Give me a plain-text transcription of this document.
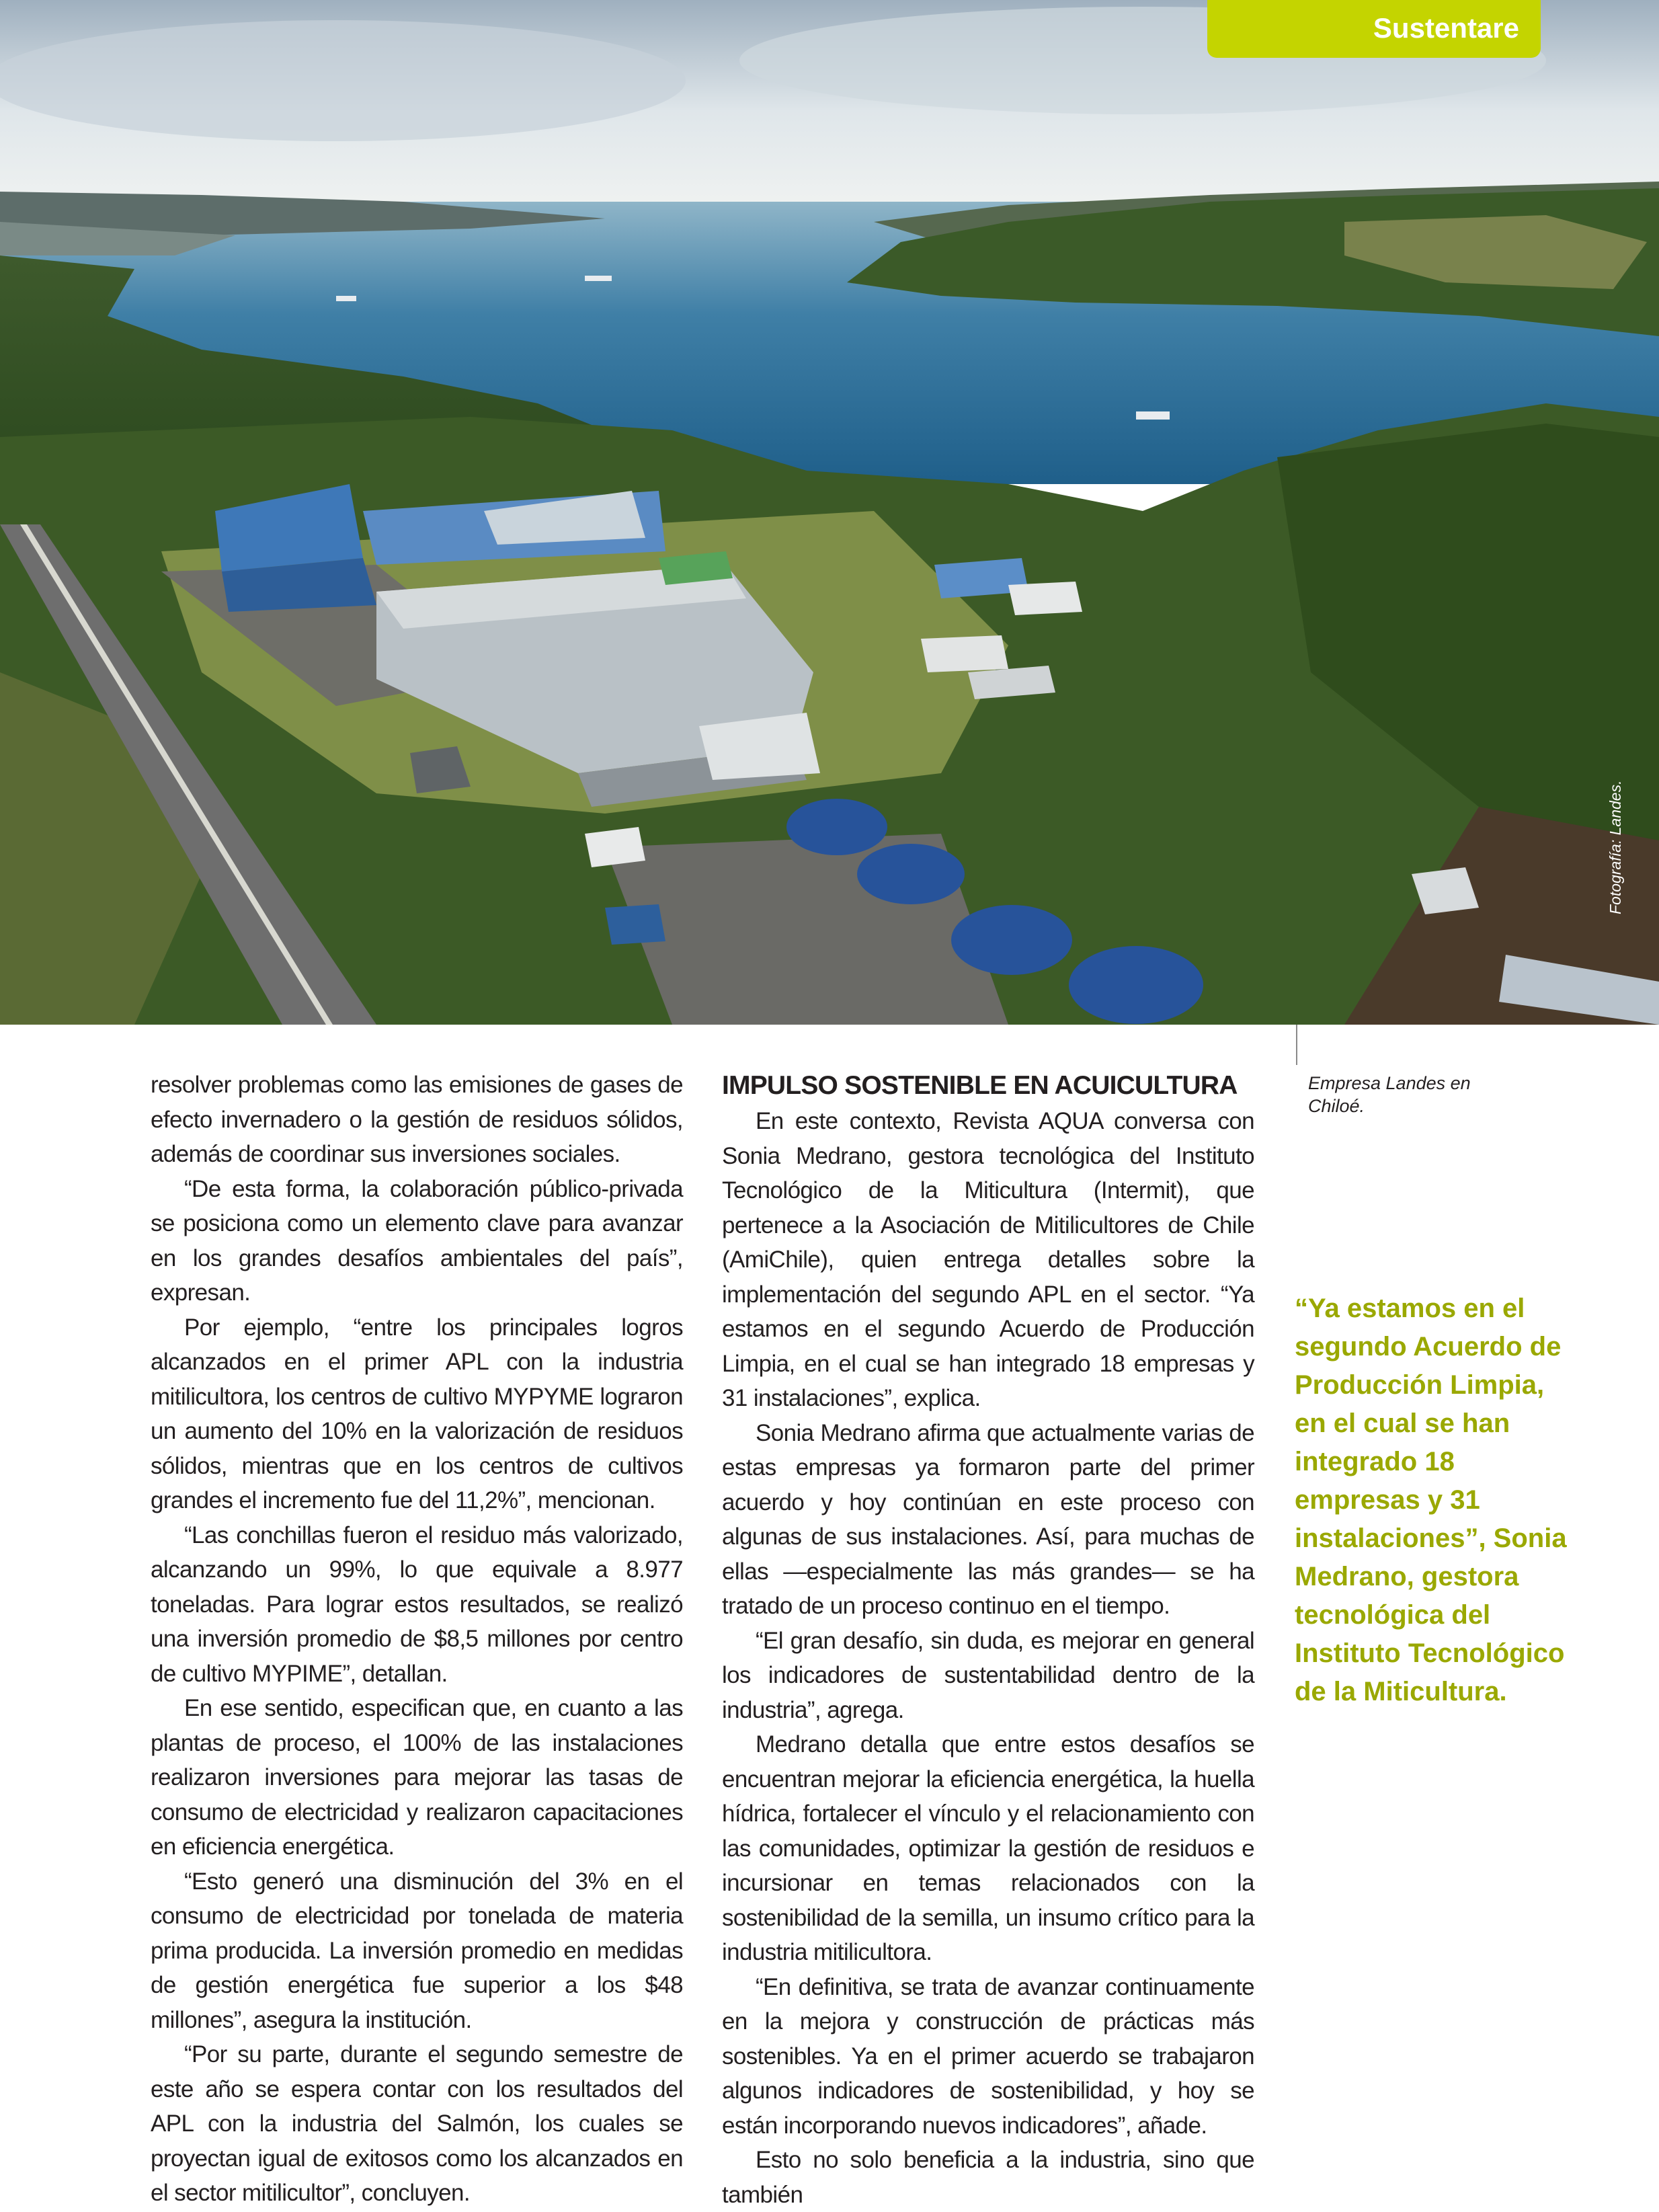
Sustentare
Fotografía: Landes.

resolver problemas como las emisiones de gases de efecto invernadero o la gestión de residuos sólidos, además de coordinar sus inversiones sociales.

“De esta forma, la colaboración público-privada se posiciona como un elemento clave para avanzar en los grandes desafíos ambientales del país”, expresan.

Por ejemplo, “entre los principales logros alcanzados en el primer APL con la industria mitilicultora, los centros de cultivo MYPYME lograron un aumento del 10% en la valorización de residuos sólidos, mientras que en los centros de cultivos grandes el incremento fue del 11,2%”, mencionan.

“Las conchillas fueron el residuo más valorizado, alcanzando un 99%, lo que equivale a 8.977 toneladas. Para lograr estos resultados, se realizó una inversión promedio de $8,5 millones por centro de cultivo MYPIME”, detallan.

En ese sentido, especifican que, en cuanto a las plantas de proceso, el 100% de las instalaciones realizaron inversiones para mejorar las tasas de consumo de electricidad y realizaron capacitaciones en eficiencia energética.

“Esto generó una disminución del 3% en el consumo de electricidad por tonelada de materia prima producida. La inversión promedio en medidas de gestión energética fue superior a los $48 millones”, asegura la institución.

“Por su parte, durante el segundo semestre de este año se espera contar con los resultados del APL con la industria del Salmón, los cuales se proyectan igual de exitosos como los alcanzados en el sector mitilicultor”, concluyen.

IMPULSO SOSTENIBLE EN ACUICULTURA

En este contexto, Revista AQUA conversa con Sonia Medrano, gestora tecnológica del Instituto Tecnológico de la Miticultura (Intermit), que pertenece a la Asociación de Mitilicultores de Chile (AmiChile), quien entrega detalles sobre la implementación del segundo APL en el sector. “Ya estamos en el segundo Acuerdo de Producción Limpia, en el cual se han integrado 18 empresas y 31 instalaciones”, explica.

Sonia Medrano afirma que actualmente varias de estas empresas ya formaron parte del primer acuerdo y hoy continúan en este proceso con algunas de sus instalaciones. Así, para muchas de ellas —especialmente las más grandes— se ha tratado de un proceso continuo en el tiempo.

“El gran desafío, sin duda, es mejorar en general los indicadores de sustentabilidad dentro de la industria”, agrega.

Medrano detalla que entre estos desafíos se encuentran mejorar la eficiencia energética, la huella hídrica, fortalecer el vínculo y el relacionamiento con las comunidades, optimizar la gestión de residuos e incursionar en temas relacionados con la sostenibilidad de la semilla, un insumo crítico para la industria mitilicultora.

“En definitiva, se trata de avanzar continuamente en la mejora y construcción de prácticas más sostenibles. Ya en el primer acuerdo se trabajaron algunos indicadores de sostenibilidad, y hoy se están incorporando nuevos indicadores”, añade.

Esto no solo beneficia a la industria, sino que también

Empresa Landes en Chiloé.
“Ya estamos en el segundo Acuerdo de Producción Limpia, en el cual se han integrado 18 empresas y 31 instalaciones”, Sonia Medrano, gestora tecnológica del Instituto Tecnológico de la Miticultura.
